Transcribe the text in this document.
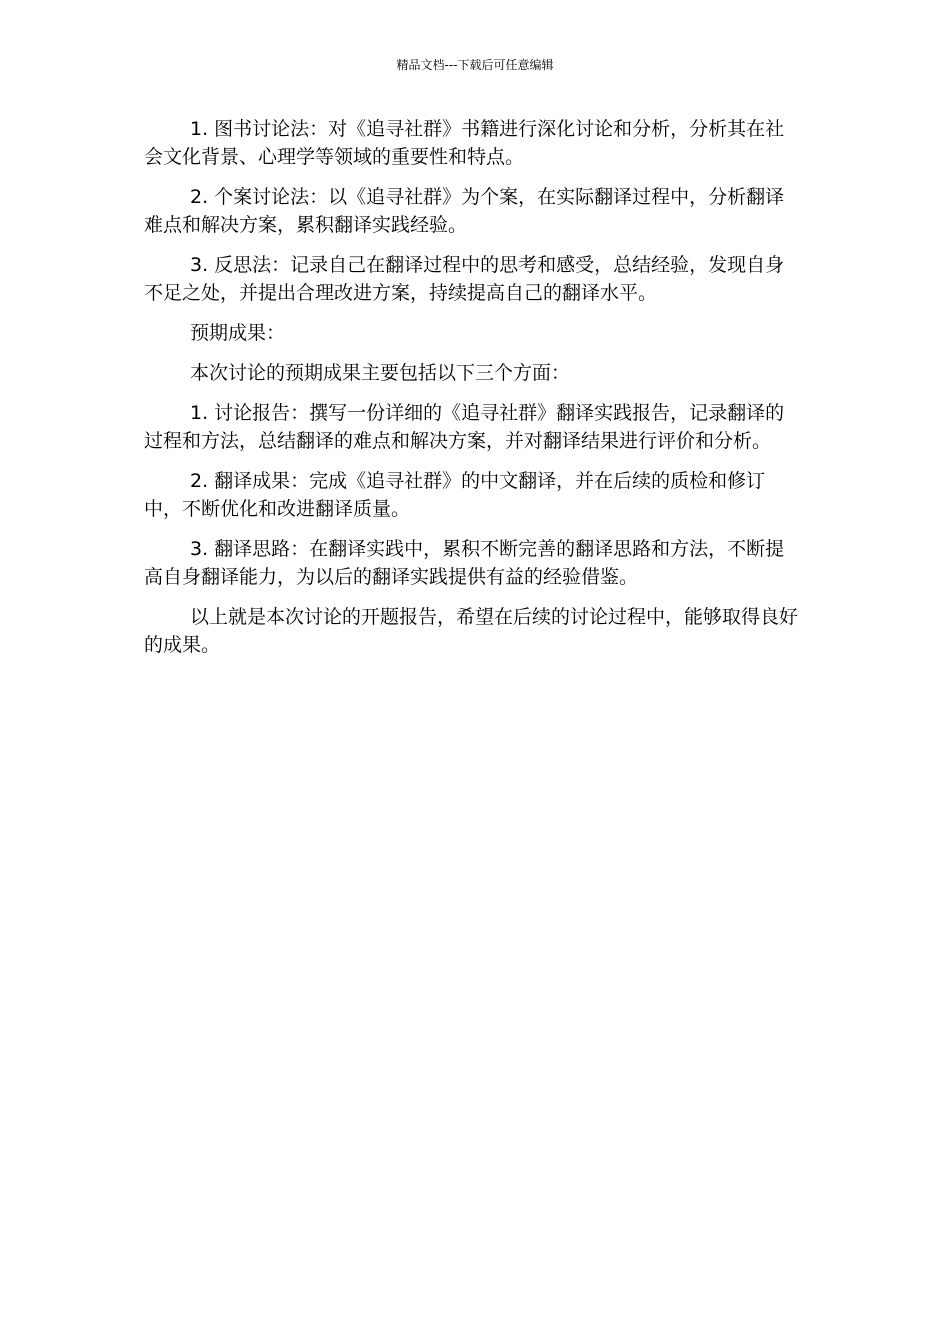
精品文档---下载后可任意编辑

1. 图书讨论法：对《追寻社群》书籍进行深化讨论和分析，分析其在社会文化背景、心理学等领域的重要性和特点。

2. 个案讨论法：以《追寻社群》为个案，在实际翻译过程中，分析翻译难点和解决方案，累积翻译实践经验。

3. 反思法：记录自己在翻译过程中的思考和感受，总结经验，发现自身不足之处，并提出合理改进方案，持续提高自己的翻译水平。

预期成果：

本次讨论的预期成果主要包括以下三个方面：

1. 讨论报告：撰写一份详细的《追寻社群》翻译实践报告，记录翻译的过程和方法，总结翻译的难点和解决方案，并对翻译结果进行评价和分析。

2. 翻译成果：完成《追寻社群》的中文翻译，并在后续的质检和修订中，不断优化和改进翻译质量。

3. 翻译思路：在翻译实践中，累积不断完善的翻译思路和方法，不断提高自身翻译能力，为以后的翻译实践提供有益的经验借鉴。

以上就是本次讨论的开题报告，希望在后续的讨论过程中，能够取得良好的成果。
